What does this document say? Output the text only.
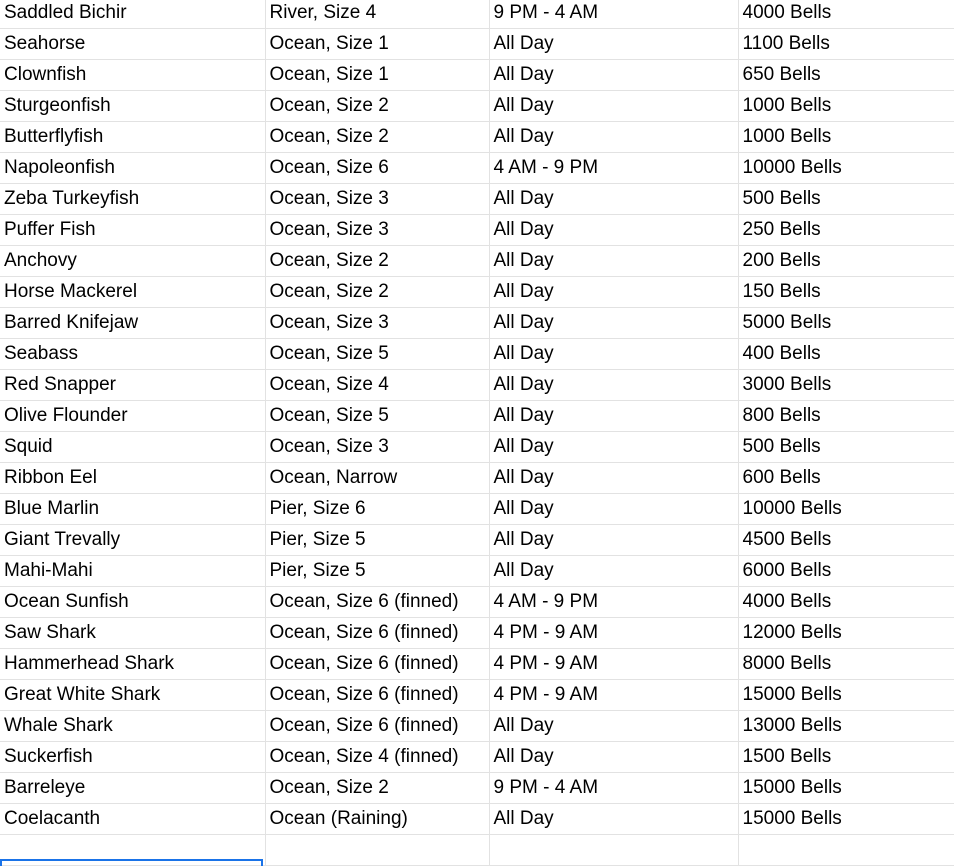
Saddled Bichir	River, Size 4	9 PM - 4 AM	4000 Bells
Seahorse	Ocean, Size 1	All Day	1100 Bells
Clownfish	Ocean, Size 1	All Day	650 Bells
Sturgeonfish	Ocean, Size 2	All Day	1000 Bells
Butterflyfish	Ocean, Size 2	All Day	1000 Bells
Napoleonfish	Ocean, Size 6	4 AM - 9 PM	10000 Bells
Zeba Turkeyfish	Ocean, Size 3	All Day	500 Bells
Puffer Fish	Ocean, Size 3	All Day	250 Bells
Anchovy	Ocean, Size 2	All Day	200 Bells
Horse Mackerel	Ocean, Size 2	All Day	150 Bells
Barred Knifejaw	Ocean, Size 3	All Day	5000 Bells
Seabass	Ocean, Size 5	All Day	400 Bells
Red Snapper	Ocean, Size 4	All Day	3000 Bells
Olive Flounder	Ocean, Size 5	All Day	800 Bells
Squid	Ocean, Size 3	All Day	500 Bells
Ribbon Eel	Ocean, Narrow	All Day	600 Bells
Blue Marlin	Pier, Size 6	All Day	10000 Bells
Giant Trevally	Pier, Size 5	All Day	4500 Bells
Mahi-Mahi	Pier, Size 5	All Day	6000 Bells
Ocean Sunfish	Ocean, Size 6 (finned)	4 AM - 9 PM	4000 Bells
Saw Shark	Ocean, Size 6 (finned)	4 PM - 9 AM	12000 Bells
Hammerhead Shark	Ocean, Size 6 (finned)	4 PM - 9 AM	8000 Bells
Great White Shark	Ocean, Size 6 (finned)	4 PM - 9 AM	15000 Bells
Whale Shark	Ocean, Size 6 (finned)	All Day	13000 Bells
Suckerfish	Ocean, Size 4 (finned)	All Day	1500 Bells
Barreleye	Ocean, Size 2	9 PM - 4 AM	15000 Bells
Coelacanth	Ocean (Raining)	All Day	15000 Bells
